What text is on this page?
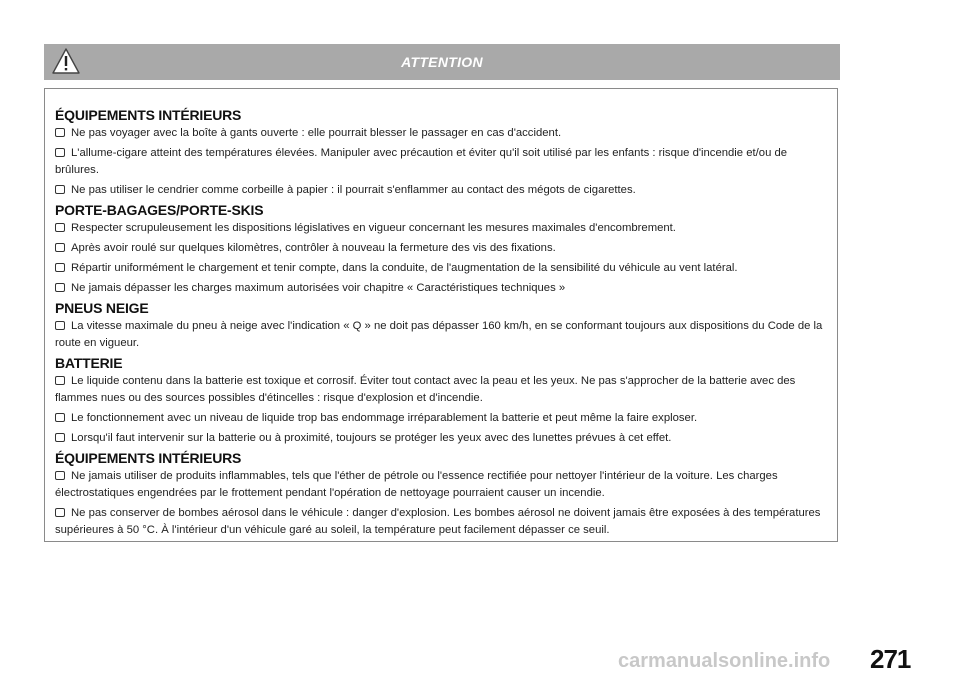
ATTENTION
ÉQUIPEMENTS INTÉRIEURS

Ne pas voyager avec la boîte à gants ouverte : elle pourrait blesser le passager en cas d'accident.

L'allume-cigare atteint des températures élevées. Manipuler avec précaution et éviter qu'il soit utilisé par les enfants : risque d'incendie et/ou de brûlures.

Ne pas utiliser le cendrier comme corbeille à papier : il pourrait s'enflammer au contact des mégots de cigarettes.

PORTE-BAGAGES/PORTE-SKIS

Respecter scrupuleusement les dispositions législatives en vigueur concernant les mesures maximales d'encombrement.

Après avoir roulé sur quelques kilomètres, contrôler à nouveau la fermeture des vis des fixations.

Répartir uniformément le chargement et tenir compte, dans la conduite, de l'augmentation de la sensibilité du véhicule au vent latéral.

Ne jamais dépasser les charges maximum autorisées voir chapitre « Caractéristiques techniques »

PNEUS NEIGE

La vitesse maximale du pneu à neige avec l'indication « Q » ne doit pas dépasser 160 km/h, en se conformant toujours aux dispositions du Code de la route en vigueur.

BATTERIE

Le liquide contenu dans la batterie est toxique et corrosif. Éviter tout contact avec la peau et les yeux. Ne pas s'approcher de la batterie avec des flammes nues ou des sources possibles d'étincelles : risque d'explosion et d'incendie.

Le fonctionnement avec un niveau de liquide trop bas endommage irréparablement la batterie et peut même la faire exploser.

Lorsqu'il faut intervenir sur la batterie ou à proximité, toujours se protéger les yeux avec des lunettes prévues à cet effet.

ÉQUIPEMENTS INTÉRIEURS

Ne jamais utiliser de produits inflammables, tels que l'éther de pétrole ou l'essence rectifiée pour nettoyer l'intérieur de la voiture. Les charges électrostatiques engendrées par le frottement pendant l'opération de nettoyage pourraient causer un incendie.

Ne pas conserver de bombes aérosol dans le véhicule : danger d'explosion. Les bombes aérosol ne doivent jamais être exposées à des températures supérieures à 50 °C. À l'intérieur d'un véhicule garé au soleil, la température peut facilement dépasser ce seuil.

carmanualsonline.info 271
